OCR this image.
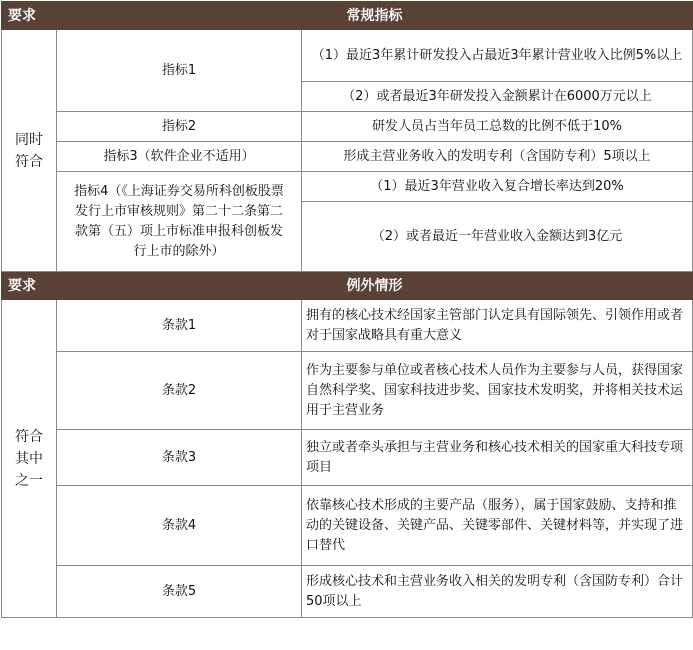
要求	常规指标	
同时符合	指标1	（1）最近3年累计研发投入占最近3年累计营业收入比例5%以上
		（2）或者最近3年研发投入金额累计在6000万元以上
	指标2	研发人员占当年员工总数的比例不低于10%
	指标3（软件企业不适用）	形成主营业务收入的发明专利（含国防专利）5项以上
	指标4（《上海证券交易所科创板股票发行上市审核规则》第二十二条第二款第（五）项上市标准申报科创板发行上市的除外）	（1）最近3年营业收入复合增长率达到20%
		（2）或者最近一年营业收入金额达到3亿元
要求	例外情形	
符合其中之一	条款1	拥有的核心技术经国家主管部门认定具有国际领先、引领作用或者对于国家战略具有重大意义
	条款2	作为主要参与单位或者核心技术人员作为主要参与人员，获得国家自然科学奖、国家科技进步奖、国家技术发明奖，并将相关技术运用于主营业务
	条款3	独立或者牵头承担与主营业务和核心技术相关的国家重大科技专项项目
	条款4	依靠核心技术形成的主要产品（服务），属于国家鼓励、支持和推动的关键设备、关键产品、关键零部件、关键材料等，并实现了进口替代
	条款5	形成核心技术和主营业务收入相关的发明专利（含国防专利）合计50项以上
